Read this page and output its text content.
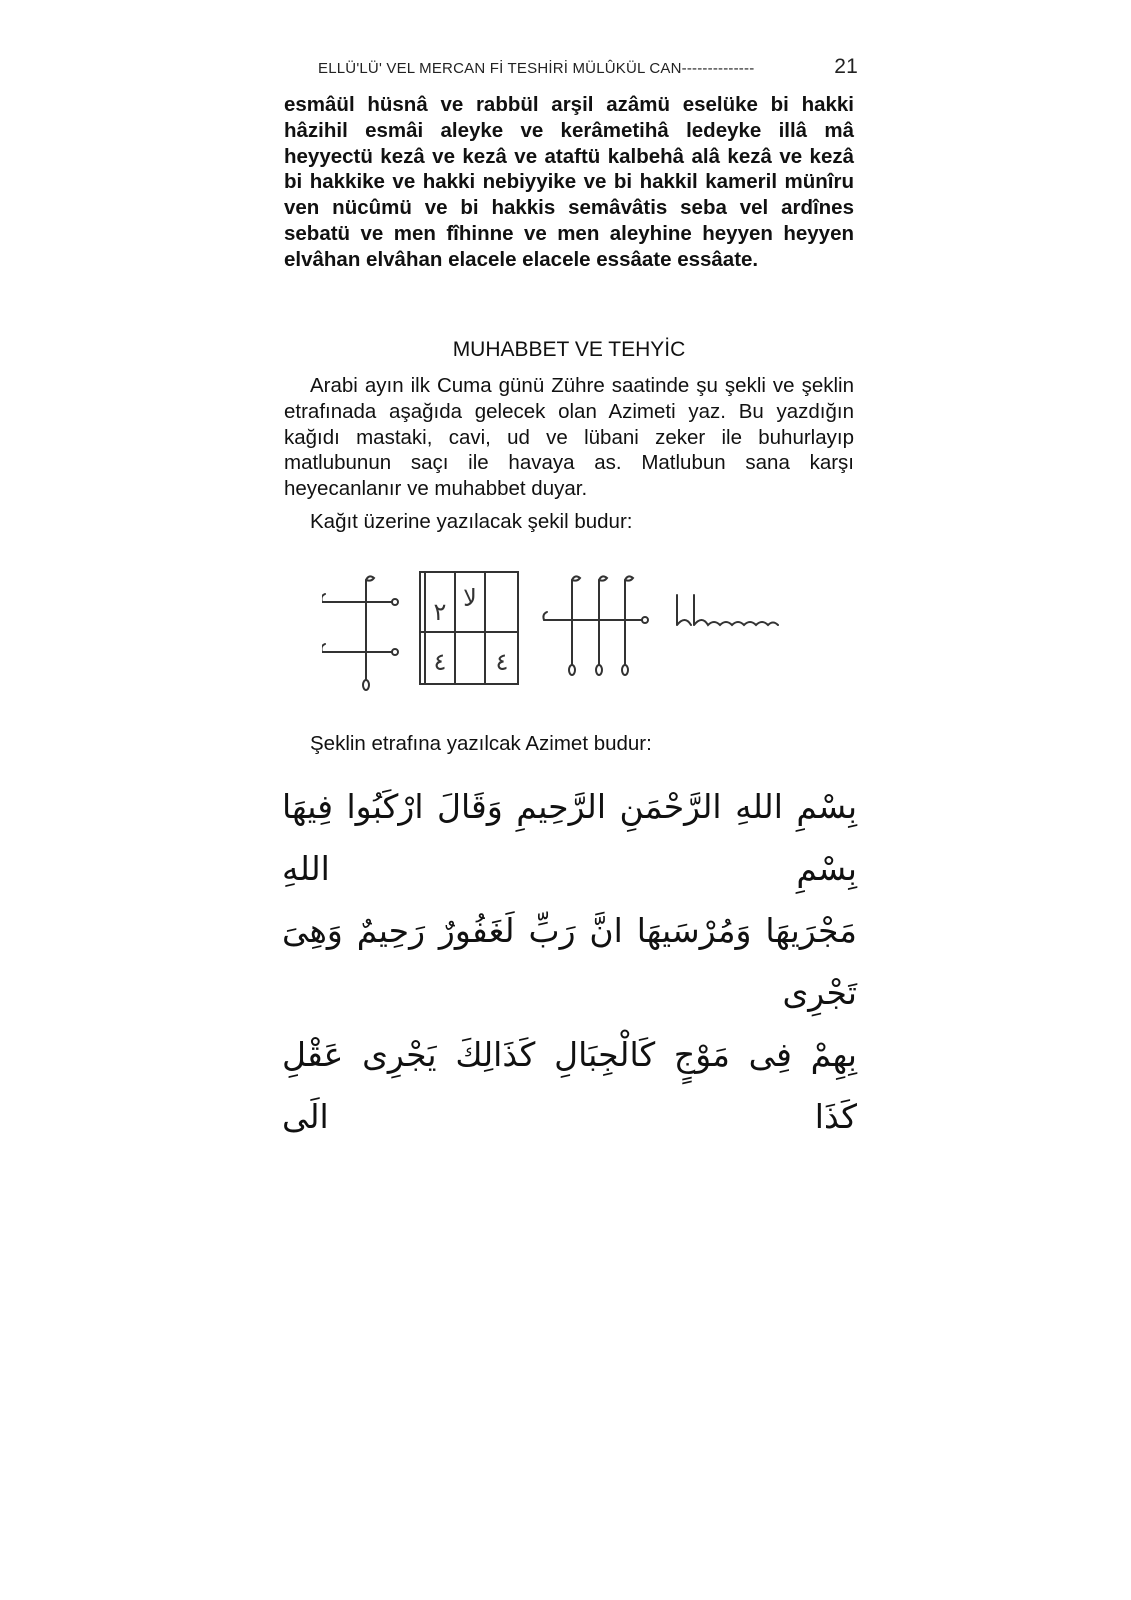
ELLÜ'LÜ' VEL MERCAN Fİ TESHİRİ MÜLÛKÜL CAN--------------	21

esmâül hüsnâ ve rabbül arşil azâmü eselüke bi hakki hâzihil esmâi aleyke ve kerâmetihâ ledeyke illâ mâ heyyectü kezâ ve kezâ ve ataftü kalbehâ alâ kezâ ve kezâ bi hakkike ve hakki nebiyyike ve bi hakkil kameril münîru ven nücûmü ve bi hakkis semâvâtis seba vel ardînes sebatü ve men fîhinne ve men aleyhine heyyen heyyen elvâhan elvâhan elacele elacele essâate essâate.

MUHABBET VE TEHYİC

Arabi ayın ilk Cuma günü Zühre saatinde şu şekli ve şeklin etrafınada aşağıda gelecek olan Azimeti yaz. Bu yazdığın kağıdı mastaki, cavi, ud ve lübani zeker ile buhurlayıp matlubunun saçı ile havaya as. Matlubun sana karşı heyecanlanır ve muhabbet duyar.

Kağıt üzerine yazılacak şekil budur:

٢ لا
٤ ٤

Şeklin etrafına yazılcak Azimet budur:

بِسْمِ اللهِ الرَّحْمَنِ الرَّحِيمِ وَقَالَ ارْكَبُوا فِيهَا بِسْمِ اللهِ
مَجْرَيهَا وَمُرْسَيهَا انَّ رَبِّ لَغَفُورٌ رَحِيمٌ وَهِىَ تَجْرِى
بِهِمْ فِى مَوْجٍ كَالْجِبَالِ كَذَالِكَ يَجْرِى عَقْلِ كَذَا الَى
